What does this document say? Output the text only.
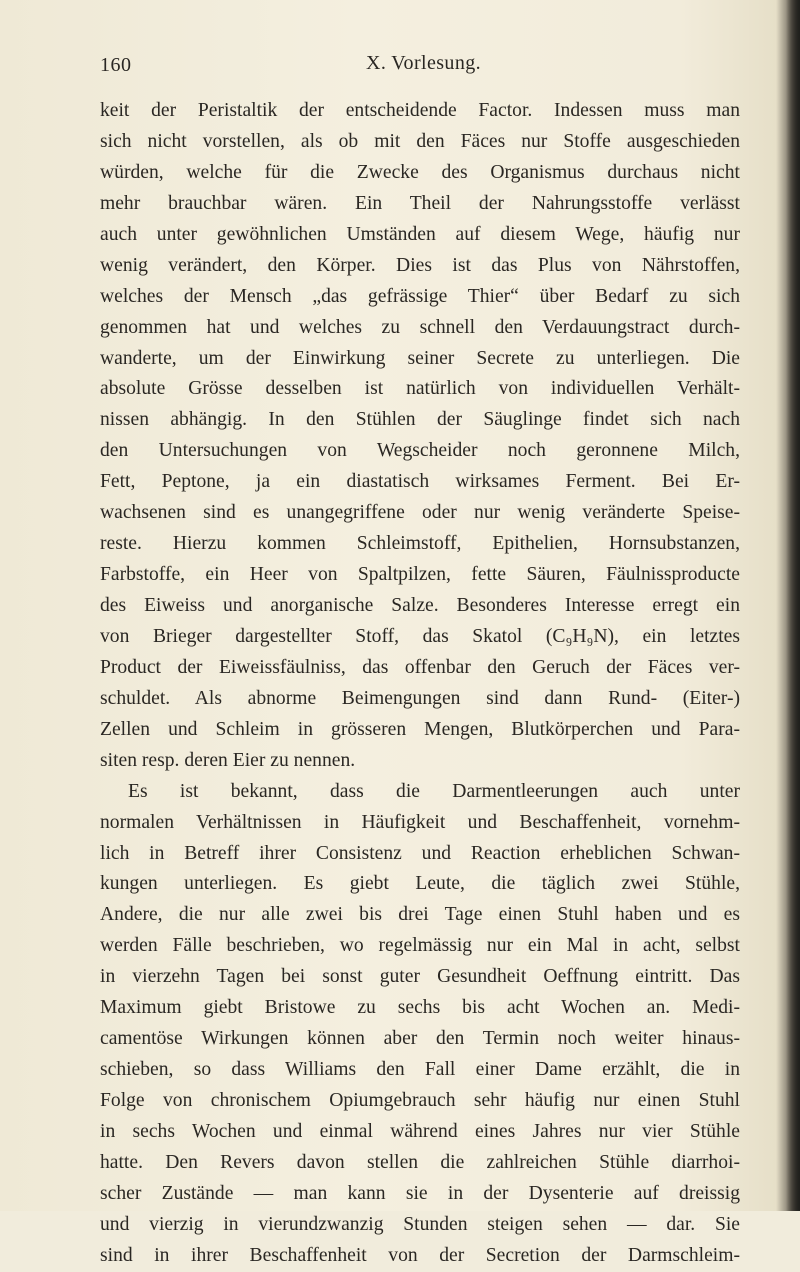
160	X. Vorlesung.
keit der Peristaltik der entscheidende Factor. Indessen muss man
sich nicht vorstellen, als ob mit den Fäces nur Stoffe ausgeschieden
würden, welche für die Zwecke des Organismus durchaus nicht
mehr brauchbar wären. Ein Theil der Nahrungsstoffe verlässt
auch unter gewöhnlichen Umständen auf diesem Wege, häufig nur
wenig verändert, den Körper. Dies ist das Plus von Nährstoffen,
welches der Mensch „das gefrässige Thier“ über Bedarf zu sich
genommen hat und welches zu schnell den Verdauungstract durch-
wanderte, um der Einwirkung seiner Secrete zu unterliegen. Die
absolute Grösse desselben ist natürlich von individuellen Verhält-
nissen abhängig. In den Stühlen der Säuglinge findet sich nach
den Untersuchungen von Wegscheider noch geronnene Milch,
Fett, Peptone, ja ein diastatisch wirksames Ferment. Bei Er-
wachsenen sind es unangegriffene oder nur wenig veränderte Speise-
reste. Hierzu kommen Schleimstoff, Epithelien, Hornsubstanzen,
Farbstoffe, ein Heer von Spaltpilzen, fette Säuren, Fäulnissproducte
des Eiweiss und anorganische Salze. Besonderes Interesse erregt ein
von Brieger dargestellter Stoff, das Skatol (C₉H₉N), ein letztes
Product der Eiweissfäulniss, das offenbar den Geruch der Fäces ver-
schuldet. Als abnorme Beimengungen sind dann Rund- (Eiter-)
Zellen und Schleim in grösseren Mengen, Blutkörperchen und Para-
siten resp. deren Eier zu nennen.
Es ist bekannt, dass die Darmentleerungen auch unter
normalen Verhältnissen in Häufigkeit und Beschaffenheit, vornehm-
lich in Betreff ihrer Consistenz und Reaction erheblichen Schwan-
kungen unterliegen. Es giebt Leute, die täglich zwei Stühle,
Andere, die nur alle zwei bis drei Tage einen Stuhl haben und es
werden Fälle beschrieben, wo regelmässig nur ein Mal in acht, selbst
in vierzehn Tagen bei sonst guter Gesundheit Oeffnung eintritt. Das
Maximum giebt Bristowe zu sechs bis acht Wochen an. Medi-
camentöse Wirkungen können aber den Termin noch weiter hinaus-
schieben, so dass Williams den Fall einer Dame erzählt, die in
Folge von chronischem Opiumgebrauch sehr häufig nur einen Stuhl
in sechs Wochen und einmal während eines Jahres nur vier Stühle
hatte. Den Revers davon stellen die zahlreichen Stühle diarrhoi-
scher Zustände — man kann sie in der Dysenterie auf dreissig
und vierzig in vierundzwanzig Stunden steigen sehen — dar. Sie
sind in ihrer Beschaffenheit von der Secretion der Darmschleim-
